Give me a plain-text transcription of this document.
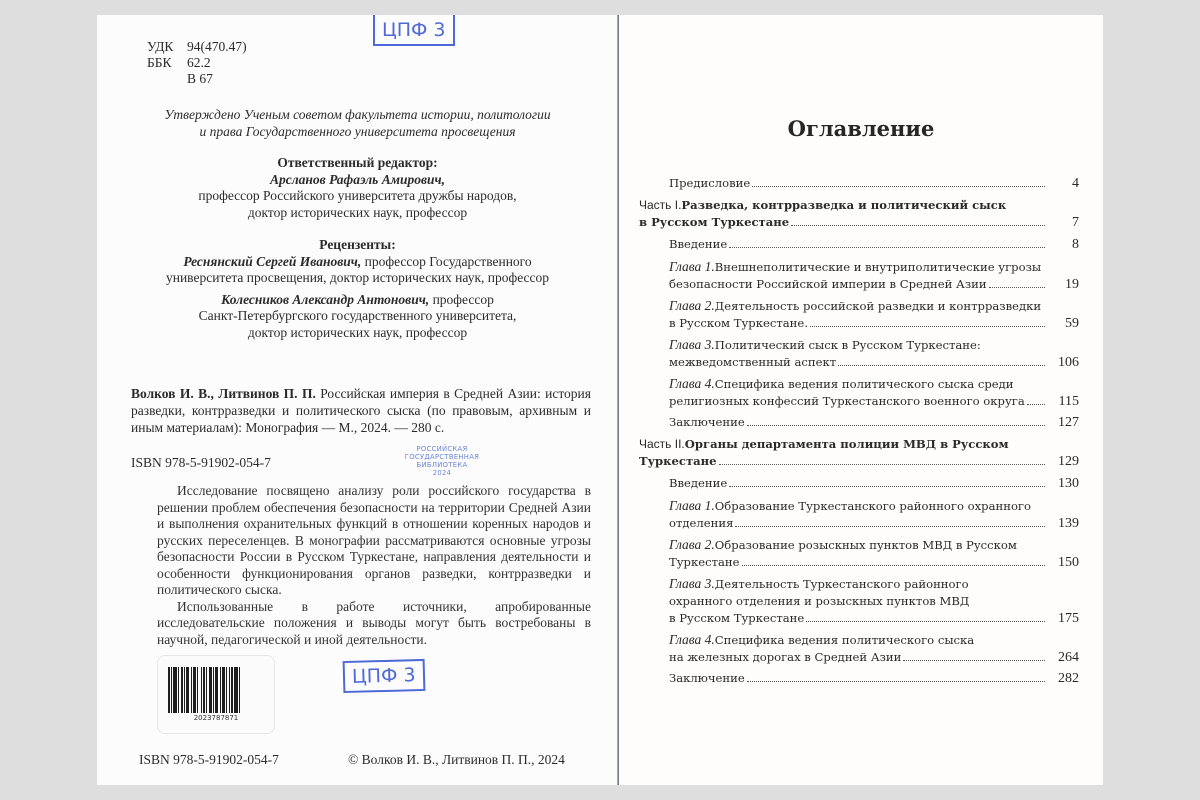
ЦПФ 3
УДК	94(470.47)
ББК	62.2
В 67
Утверждено Ученым советом факультета истории, политологии
и права Государственного университета просвещения
Ответственный редактор:
Арсланов Рафаэль Амирович,
профессор Российского университета дружбы народов,
доктор исторических наук, профессор
Рецензенты:
Реснянский Сергей Иванович, профессор Государственного
университета просвещения, доктор исторических наук, профессор
Колесников Александр Антонович, профессор
Санкт-Петербургского государственного университета,
доктор исторических наук, профессор
Волков И. В., Литвинов П. П. Российская империя в Средней Азии: история разведки, контрразведки и политического сыска (по правовым, архивным и иным материалам): Монография — М., 2024. — 280 с.
ISBN 978-5-91902-054-7
РОССИЙСКАЯ
ГОСУДАРСТВЕННАЯ
БИБЛИОТЕКА
2024

Исследование посвящено анализу роли российского государства в решении проблем обеспечения безопасности на территории Средней Азии и выполнения охранительных функций в отношении коренных народов и русских переселенцев. В монографии рассматриваются основные угрозы безопасности России в Русском Туркестане, направления деятельности и особенности функционирования органов разведки, контрразведки и политического сыска.

Использованные в работе источники, апробированные исследовательские положения и выводы могут быть востребованы в научной, педагогической и иной деятельности.

2023787871
ЦПФ 3
ISBN 978-5-91902-054-7	© Волков И. В., Литвинов П. П., 2024
Оглавление
Предисловие	4
Часть I. Разведка, контрразведка и политический сыск
в Русском Туркестане	7
Введение	8
Глава 1. Внешнеполитические и внутриполитические угрозы
безопасности Российской империи в Средней Азии	19
Глава 2. Деятельность российской разведки и контрразведки
в Русском Туркестане.	59
Глава 3. Политический сыск в Русском Туркестане:
межведомственный аспект	106
Глава 4. Специфика ведения политического сыска среди
религиозных конфессий Туркестанского военного округа	115
Заключение	127
Часть II. Органы департамента полиции МВД в Русском
Туркестане	129
Введение	130
Глава 1. Образование Туркестанского районного охранного
отделения	139
Глава 2. Образование розыскных пунктов МВД в Русском
Туркестане	150
Глава 3. Деятельность Туркестанского районного
охранного отделения и розыскных пунктов МВД
в Русском Туркестане	175
Глава 4. Специфика ведения политического сыска
на железных дорогах в Средней Азии	264
Заключение	282
